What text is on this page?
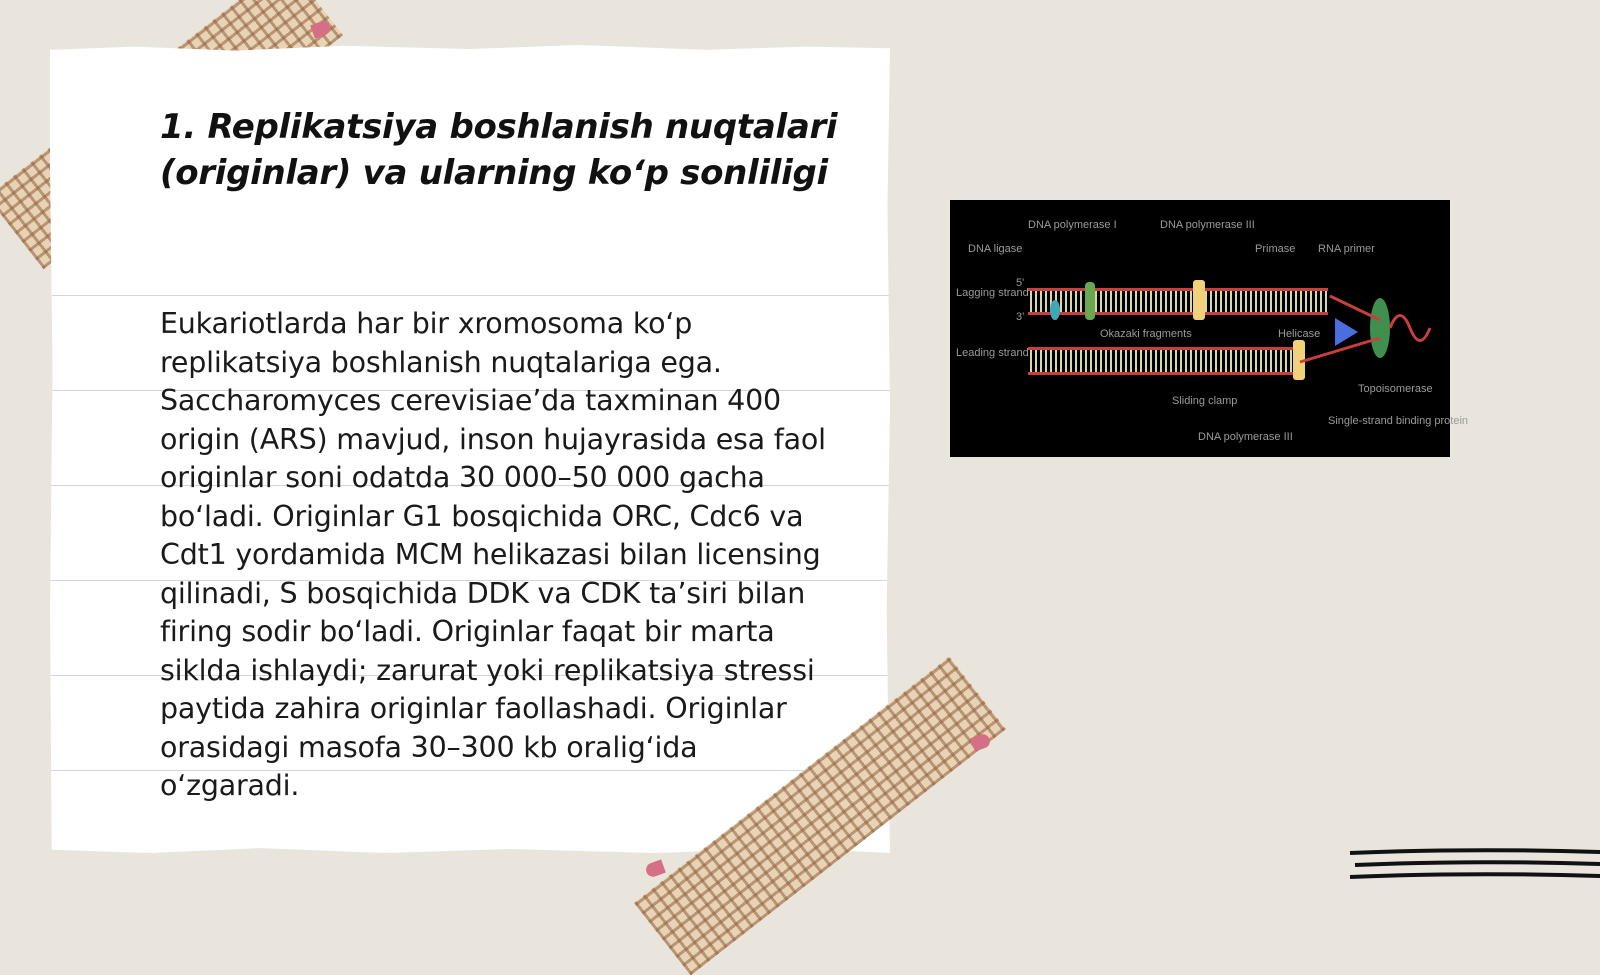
1. Replikatsiya boshlanish nuqtalari (originlar) va ularning koʻp sonliligi

Eukariotlarda har bir xromosoma koʻp replikatsiya boshlanish nuqtalariga ega. Saccharomyces cerevisiaeʼda taxminan 400 origin (ARS) mavjud, inson hujayrasida esa faol originlar soni odatda 30 000–50 000 gacha boʻladi. Originlar G1 bosqichida ORC, Cdc6 va Cdt1 yordamida MCM helikazasi bilan licensing qilinadi, S bosqichida DDK va CDK taʼsiri bilan firing sodir boʻladi. Originlar faqat bir marta siklda ishlaydi; zarurat yoki replikatsiya stressi paytida zahira originlar faollashadi. Originlar orasidagi masofa 30–300 kb oraligʻida oʻzgaradi.

DNA polymerase I	DNA polymerase III
DNA ligase	Primase RNA primer
Lagging strand
Leading strand
Okazaki fragments	Helicase
Topoisomerase
Sliding clamp
Single-strand binding protein
DNA polymerase III
5'
3'
